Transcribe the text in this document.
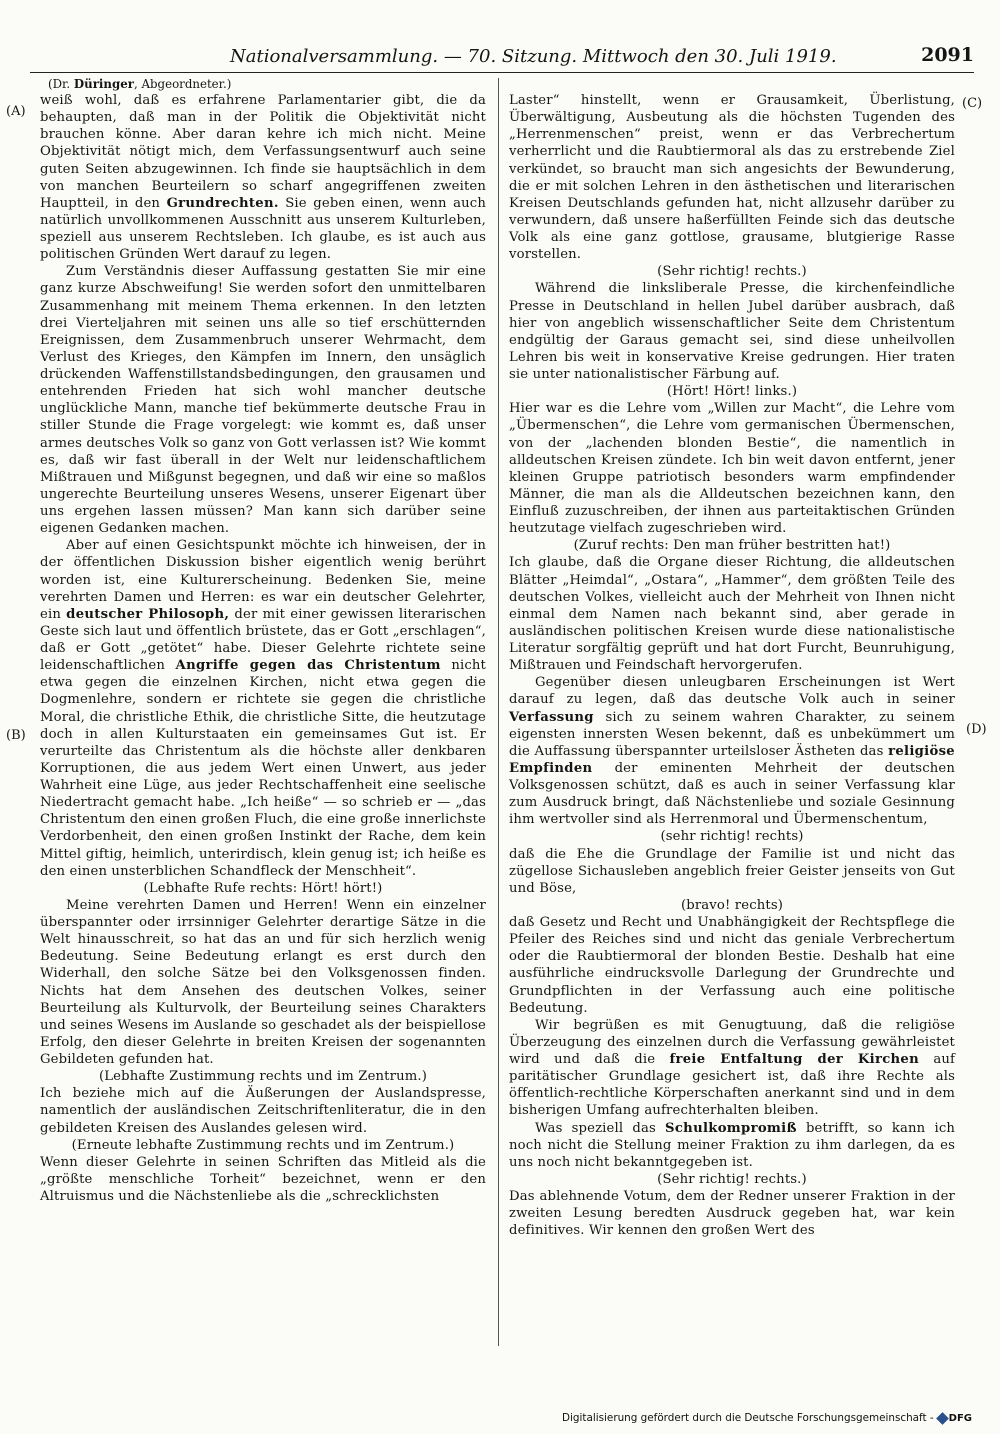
Nationalversammlung. — 70. Sitzung. Mittwoch den 30. Juli 1919.	2091
(Dr. Düringer, Abgeordneter.)
(A)
(B)
(C)
(D)

weiß wohl, daß es erfahrene Parlamentarier gibt, die da behaupten, daß man in der Politik die Objektivität nicht brauchen könne. Aber daran kehre ich mich nicht. Meine Objektivität nötigt mich, dem Verfassungsentwurf auch seine guten Seiten abzugewinnen. Ich finde sie hauptsächlich in dem von manchen Beurteilern so scharf angegriffenen zweiten Hauptteil, in den Grundrechten. Sie geben einen, wenn auch natürlich unvollkommenen Ausschnitt aus unserem Kulturleben, speziell aus unserem Rechtsleben. Ich glaube, es ist auch aus politischen Gründen Wert darauf zu legen.

Zum Verständnis dieser Auffassung gestatten Sie mir eine ganz kurze Abschweifung! Sie werden sofort den unmittelbaren Zusammenhang mit meinem Thema erkennen. In den letzten drei Vierteljahren mit seinen uns alle so tief erschütternden Ereignissen, dem Zusammenbruch unserer Wehrmacht, dem Verlust des Krieges, den Kämpfen im Innern, den unsäglich drückenden Waffenstillstandsbedingungen, den grausamen und entehrenden Frieden hat sich wohl mancher deutsche unglückliche Mann, manche tief bekümmerte deutsche Frau in stiller Stunde die Frage vorgelegt: wie kommt es, daß unser armes deutsches Volk so ganz von Gott verlassen ist? Wie kommt es, daß wir fast überall in der Welt nur leidenschaftlichem Mißtrauen und Mißgunst begegnen, und daß wir eine so maßlos ungerechte Beurteilung unseres Wesens, unserer Eigenart über uns ergehen lassen müssen? Man kann sich darüber seine eigenen Gedanken machen.

Aber auf einen Gesichtspunkt möchte ich hinweisen, der in der öffentlichen Diskussion bisher eigentlich wenig berührt worden ist, eine Kulturerscheinung. Bedenken Sie, meine verehrten Damen und Herren: es war ein deutscher Gelehrter, ein deutscher Philosoph, der mit einer gewissen literarischen Geste sich laut und öffentlich brüstete, das er Gott „erschlagen“, daß er Gott „getötet“ habe. Dieser Gelehrte richtete seine leidenschaftlichen Angriffe gegen das Christentum nicht etwa gegen die einzelnen Kirchen, nicht etwa gegen die Dogmenlehre, sondern er richtete sie gegen die christliche Moral, die christliche Ethik, die christliche Sitte, die heutzutage doch in allen Kulturstaaten ein gemeinsames Gut ist. Er verurteilte das Christentum als die höchste aller denkbaren Korruptionen, die aus jedem Wert einen Unwert, aus jeder Wahrheit eine Lüge, aus jeder Rechtschaffenheit eine seelische Niedertracht gemacht habe. „Ich heiße“ — so schrieb er — „das Christentum den einen großen Fluch, die eine große innerlichste Verdorbenheit, den einen großen Instinkt der Rache, dem kein Mittel giftig, heimlich, unterirdisch, klein genug ist; ich heiße es den einen unsterblichen Schandfleck der Menschheit“.

(Lebhafte Rufe rechts: Hört! hört!)

Meine verehrten Damen und Herren! Wenn ein einzelner überspannter oder irrsinniger Gelehrter derartige Sätze in die Welt hinausschreit, so hat das an und für sich herzlich wenig Bedeutung. Seine Bedeutung erlangt es erst durch den Widerhall, den solche Sätze bei den Volksgenossen finden. Nichts hat dem Ansehen des deutschen Volkes, seiner Beurteilung als Kulturvolk, der Beurteilung seines Charakters und seines Wesens im Auslande so geschadet als der beispiellose Erfolg, den dieser Gelehrte in breiten Kreisen der sogenannten Gebildeten gefunden hat.

(Lebhafte Zustimmung rechts und im Zentrum.)

Ich beziehe mich auf die Äußerungen der Auslandspresse, namentlich der ausländischen Zeitschriftenliteratur, die in den gebildeten Kreisen des Auslandes gelesen wird.

(Erneute lebhafte Zustimmung rechts und im Zentrum.)

Wenn dieser Gelehrte in seinen Schriften das Mitleid als die „größte menschliche Torheit“ bezeichnet, wenn er den Altruismus und die Nächstenliebe als die „schrecklichsten

Laster“ hinstellt, wenn er Grausamkeit, Überlistung, Überwältigung, Ausbeutung als die höchsten Tugenden des „Herrenmenschen“ preist, wenn er das Verbrechertum verherrlicht und die Raubtiermoral als das zu erstrebende Ziel verkündet, so braucht man sich angesichts der Bewunderung, die er mit solchen Lehren in den ästhetischen und literarischen Kreisen Deutschlands gefunden hat, nicht allzusehr darüber zu verwundern, daß unsere haßerfüllten Feinde sich das deutsche Volk als eine ganz gottlose, grausame, blutgierige Rasse vorstellen.

(Sehr richtig! rechts.)

Während die linksliberale Presse, die kirchenfeindliche Presse in Deutschland in hellen Jubel darüber ausbrach, daß hier von angeblich wissenschaftlicher Seite dem Christentum endgültig der Garaus gemacht sei, sind diese unheilvollen Lehren bis weit in konservative Kreise gedrungen. Hier traten sie unter nationalistischer Färbung auf.

(Hört! Hört! links.)

Hier war es die Lehre vom „Willen zur Macht“, die Lehre vom „Übermenschen“, die Lehre vom germanischen Übermenschen, von der „lachenden blonden Bestie“, die namentlich in alldeutschen Kreisen zündete. Ich bin weit davon entfernt, jener kleinen Gruppe patriotisch besonders warm empfindender Männer, die man als die Alldeutschen bezeichnen kann, den Einfluß zuzuschreiben, der ihnen aus parteitaktischen Gründen heutzutage vielfach zugeschrieben wird.

(Zuruf rechts: Den man früher bestritten hat!)

Ich glaube, daß die Organe dieser Richtung, die alldeutschen Blätter „Heimdal“, „Ostara“, „Hammer“, dem größten Teile des deutschen Volkes, vielleicht auch der Mehrheit von Ihnen nicht einmal dem Namen nach bekannt sind, aber gerade in ausländischen politischen Kreisen wurde diese nationalistische Literatur sorgfältig geprüft und hat dort Furcht, Beunruhigung, Mißtrauen und Feindschaft hervorgerufen.

Gegenüber diesen unleugbaren Erscheinungen ist Wert darauf zu legen, daß das deutsche Volk auch in seiner Verfassung sich zu seinem wahren Charakter, zu seinem eigensten innersten Wesen bekennt, daß es unbekümmert um die Auffassung überspannter urteilsloser Ästheten das religiöse Empfinden der eminenten Mehrheit der deutschen Volksgenossen schützt, daß es auch in seiner Verfassung klar zum Ausdruck bringt, daß Nächstenliebe und soziale Gesinnung ihm wertvoller sind als Herrenmoral und Übermenschentum,

(sehr richtig! rechts)

daß die Ehe die Grundlage der Familie ist und nicht das zügellose Sichausleben angeblich freier Geister jenseits von Gut und Böse,

(bravo! rechts)

daß Gesetz und Recht und Unabhängigkeit der Rechtspflege die Pfeiler des Reiches sind und nicht das geniale Verbrechertum oder die Raubtiermoral der blonden Bestie. Deshalb hat eine ausführliche eindrucksvolle Darlegung der Grundrechte und Grundpflichten in der Verfassung auch eine politische Bedeutung.

Wir begrüßen es mit Genugtuung, daß die religiöse Überzeugung des einzelnen durch die Verfassung gewährleistet wird und daß die freie Entfaltung der Kirchen auf paritätischer Grundlage gesichert ist, daß ihre Rechte als öffentlich-rechtliche Körperschaften anerkannt sind und in dem bisherigen Umfang aufrechterhalten bleiben.

Was speziell das Schulkompromiß betrifft, so kann ich noch nicht die Stellung meiner Fraktion zu ihm darlegen, da es uns noch nicht bekanntgegeben ist.

(Sehr richtig! rechts.)

Das ablehnende Votum, dem der Redner unserer Fraktion in der zweiten Lesung beredten Ausdruck gegeben hat, war kein definitives. Wir kennen den großen Wert des

Digitalisierung gefördert durch die Deutsche Forschungsgemeinschaft - DFG
